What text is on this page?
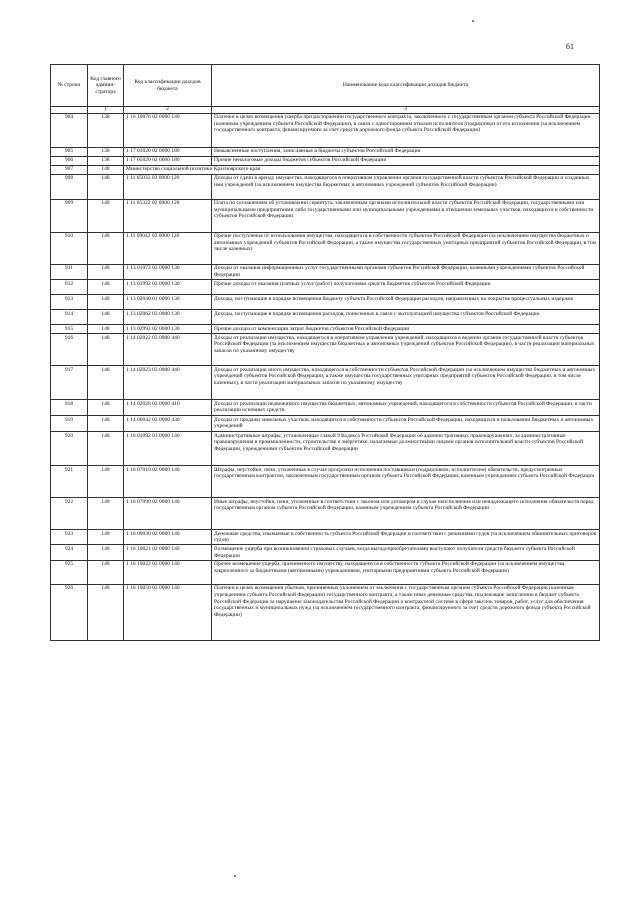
61
№ строки	Код главного админи-стратора	Код классификации доходов бюджета	Наименование кода классификации доходов бюджета
	1	2	3
904	138	1 16 10076 02 0000 140	Платежи в целях возмещения ущерба при расторжении государственного контракта, заключенного с государственным органом субъекта Российской Федерации (казенным учреждением субъекта Российской Федерации), в связи с односторонним отказом исполнителя (подрядчика) от его исполнения (за исключением государственного контракта, финансируемого за счет средств дорожного фонда субъекта Российской Федерации)
905	138	1 17 01020 02 0000 180	Невыясненные поступления, зачисляемые в бюджеты субъектов Российской Федерации
906	138	1 17 05020 02 0000 180	Прочие неналоговые доходы бюджетов субъектов Российской Федерации
907	148	Министерство социальной политики Красноярского края	
908	148	1 11 05032 02 0000 120	Доходы от сдачи в аренду имущества, находящегося в оперативном управлении органов государственной власти субъектов Российской Федерации и созданных ими учреждений (за исключением имущества бюджетных и автономных учреждений субъектов Российской Федерации)
909	148	1 11 05322 02 0000 120	Плата по соглашениям об установлении сервитута, заключенным органами исполнительной власти субъектов Российской Федерации, государственными или муниципальными предприятиями либо государственными или муниципальными учреждениями в отношении земельных участков, находящихся в собственности субъектов Российской Федерации
910	148	1 11 09042 02 0000 120	Прочие поступления от использования имущества, находящегося в собственности субъектов Российской Федерации (за исключением имущества бюджетных и автономных учреждений субъектов Российской Федерации, а также имущества государственных унитарных предприятий субъектов Российской Федерации, в том числе казенных)
911	148	1 13 01072 02 0000 130	Доходы от оказания информационных услуг государственными органами субъектов Российской Федерации, казенными учреждениями субъектов Российской Федерации
912	148	1 13 01992 02 0000 130	Прочие доходы от оказания платных услуг (работ) получателями средств бюджетов субъектов Российской Федерации
913	148	1 13 02040 01 0000 130	Доходы, поступающие в порядке возмещения бюджету субъекта Российской Федерации расходов, направленных на покрытие процессуальных издержек
914	148	1 13 02062 02 0000 130	Доходы, поступающие в порядке возмещения расходов, понесенных в связи с эксплуатацией имущества субъектов Российской Федерации
915	148	1 13 02992 02 0000 130	Прочие доходы от компенсации затрат бюджетов субъектов Российской Федерации
916	148	1 14 02022 02 0000 440	Доходы от реализации имущества, находящегося в оперативном управлении учреждений, находящихся в ведении органов государственной власти субъектов Российской Федерации (за исключением имущества бюджетных и автономных учреждений субъектов Российской Федерации), в части реализации материальных запасов по указанному имуществу
917	148	1 14 02023 02 0000 440	Доходы от реализации иного имущества, находящегося в собственности субъектов Российской Федерации (за исключением имущества бюджетных и автономных учреждений субъектов Российской Федерации, а также имущества государственных унитарных предприятий субъектов Российской Федерации, в том числе казенных), в части реализации материальных запасов по указанному имуществу
918	148	1 14 02028 02 0000 410	Доходы от реализации недвижимого имущества бюджетных, автономных учреждений, находящегося в собственности субъектов Российской Федерации, в части реализации основных средств
919	148	1 14 06042 02 0000 430	Доходы от продажи земельных участков, находящихся в собственности субъектов Российской Федерации, находящихся в пользовании бюджетных и автономных учреждений
920	148	1 16 01092 01 0000 140	Административные штрафы, установленные главой 9 Кодекса Российской Федерации об административных правонарушениях, за административные правонарушения в промышленности, строительстве и энергетике, налагаемые должностными лицами органов исполнительной власти субъектов Российской Федерации, учреждениями субъектов Российской Федерации
921	148	1 16 07010 02 0000 140	Штрафы, неустойки, пени, уплаченные в случае просрочки исполнения поставщиком (подрядчиком, исполнителем) обязательств, предусмотренных государственным контрактом, заключенным государственным органом субъекта Российской Федерации, казенным учреждением субъекта Российской Федерации
922	148	1 16 07090 02 0000 140	Иные штрафы, неустойки, пени, уплаченные в соответствии с законом или договором в случае неисполнения или ненадлежащего исполнения обязательств перед государственным органом субъекта Российской Федерации, казенным учреждением субъекта Российской Федерации
923	148	1 16 09030 02 0000 140	Денежные средства, изымаемые в собственность субъекта Российской Федерации в соответствии с решениями судов (за исключением обвинительных приговоров судов)
924	148	1 16 10021 02 0000 140	Возмещение ущерба при возникновении страховых случаев, когда выгодоприобретателями выступают получатели средств бюджета субъекта Российской Федерации
925	148	1 16 10022 02 0000 140	Прочее возмещение ущерба, причиненного имуществу, находящемуся в собственности субъекта Российской Федерации (за исключением имущества, закрепленного за бюджетными (автономными) учреждениями, унитарными предприятиями субъекта Российской Федерации)
926	148	1 16 10056 02 0000 140	Платежи в целях возмещения убытков, причиненных уклонением от заключения с государственным органом субъекта Российской Федерации (казенным учреждением субъекта Российской Федерации) государственного контракта, а также иные денежные средства, подлежащие зачислению в бюджет субъекта Российской Федерации за нарушение законодательства Российской Федерации о контрактной системе в сфере закупок товаров, работ, услуг для обеспечения государственных и муниципальных нужд (за исключением государственного контракта, финансируемого за счет средств дорожного фонда субъекта Российской Федерации)
